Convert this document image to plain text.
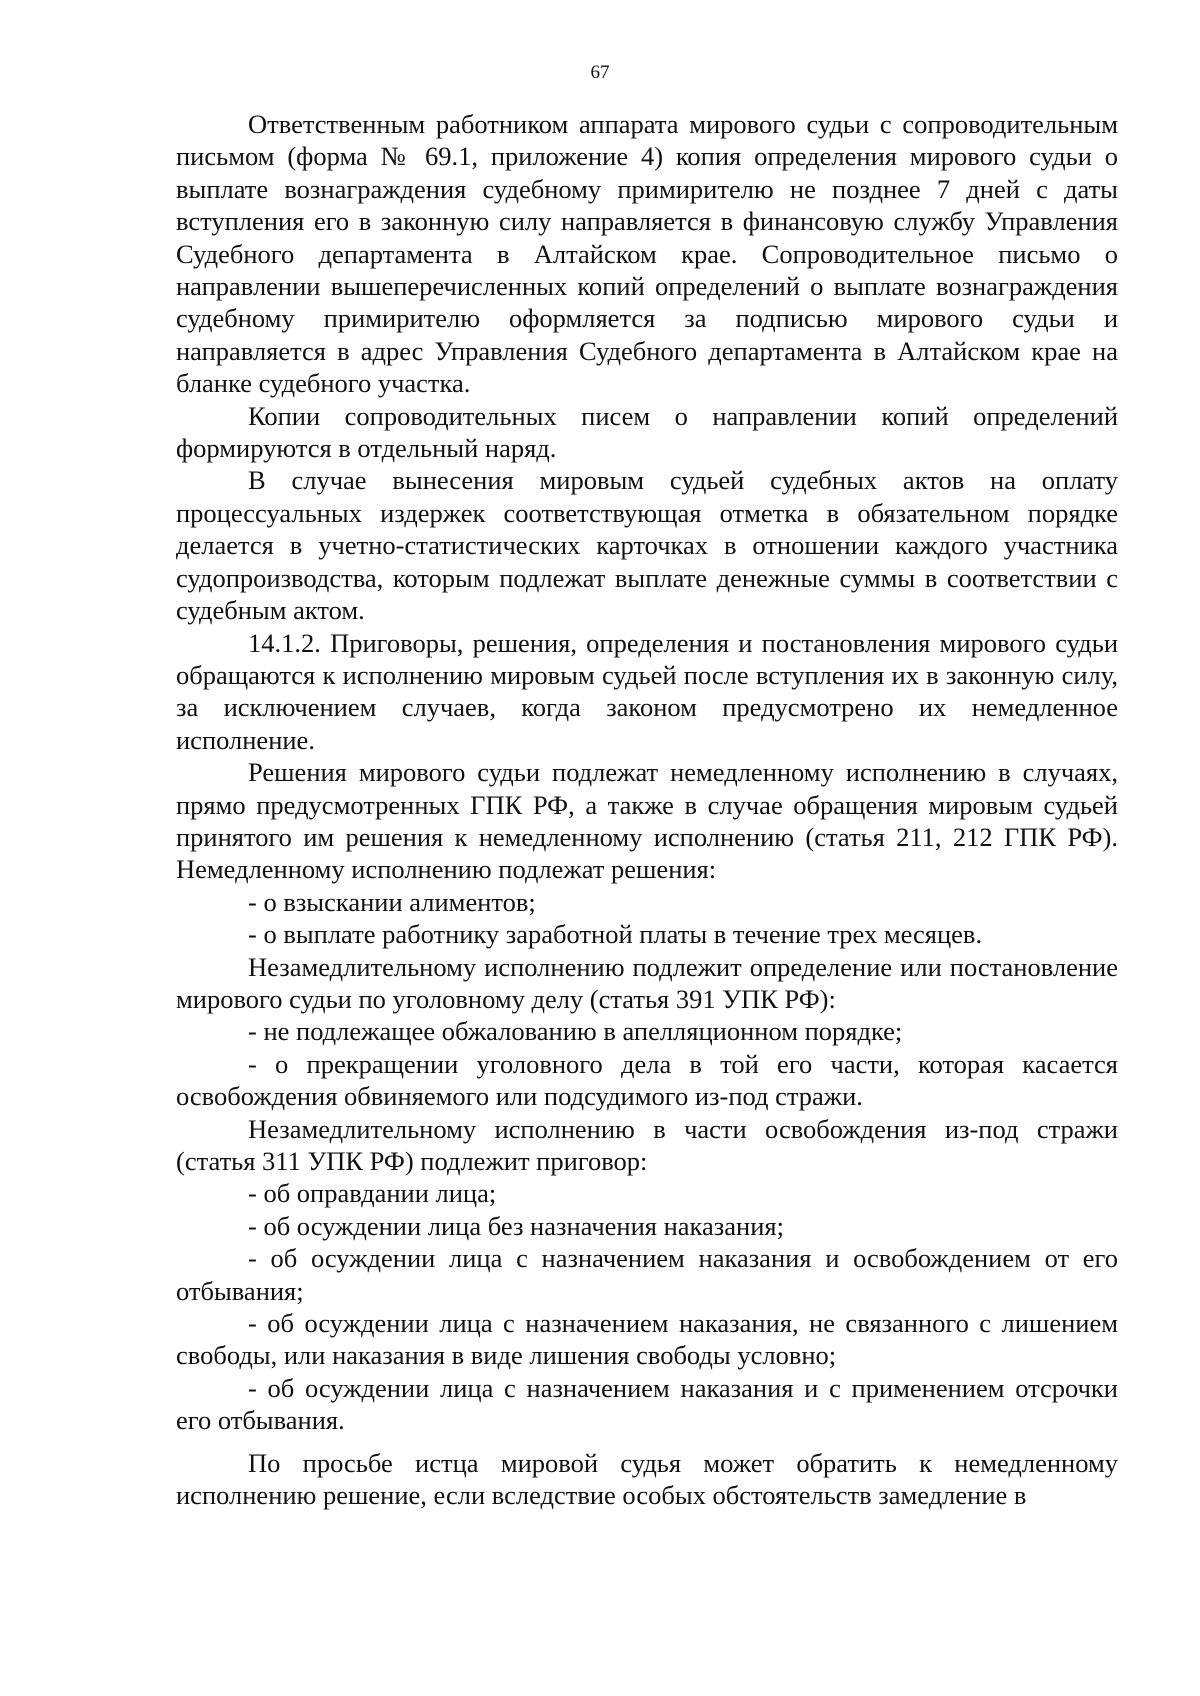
67

Ответственным работником аппарата мирового судьи с сопроводительным письмом (форма № 69.1, приложение 4) копия определения мирового судьи о выплате вознаграждения судебному примирителю не позднее 7 дней с даты вступления его в законную силу направляется в финансовую службу Управления Судебного департамента в Алтайском крае. Сопроводительное письмо о направлении вышеперечисленных копий определений о выплате вознаграждения судебному примирителю оформляется за подписью мирового судьи и направляется в адрес Управления Судебного департамента в Алтайском крае на бланке судебного участка.

Копии сопроводительных писем о направлении копий определений формируются в отдельный наряд.

В случае вынесения мировым судьей судебных актов на оплату процессуальных издержек соответствующая отметка в обязательном порядке делается в учетно-статистических карточках в отношении каждого участника судопроизводства, которым подлежат выплате денежные суммы в соответствии с судебным актом.

14.1.2. Приговоры, решения, определения и постановления мирового судьи обращаются к исполнению мировым судьей после вступления их в законную силу, за исключением случаев, когда законом предусмотрено их немедленное исполнение.

Решения мирового судьи подлежат немедленному исполнению в случаях, прямо предусмотренных ГПК РФ, а также в случае обращения мировым судьей принятого им решения к немедленному исполнению (статья 211, 212 ГПК РФ). Немедленному исполнению подлежат решения:

- о взыскании алиментов;

- о выплате работнику заработной платы в течение трех месяцев.

Незамедлительному исполнению подлежит определение или постановление мирового судьи по уголовному делу (статья 391 УПК РФ):

- не подлежащее обжалованию в апелляционном порядке;

- о прекращении уголовного дела в той его части, которая касается освобождения обвиняемого или подсудимого из-под стражи.

Незамедлительному исполнению в части освобождения из-под стражи (статья 311 УПК РФ) подлежит приговор:

- об оправдании лица;

- об осуждении лица без назначения наказания;

- об осуждении лица с назначением наказания и освобождением от его отбывания;

- об осуждении лица с назначением наказания, не связанного с лишением свободы, или наказания в виде лишения свободы условно;

- об осуждении лица с назначением наказания и с применением отсрочки его отбывания.

По просьбе истца мировой судья может обратить к немедленному исполнению решение, если вследствие особых обстоятельств замедление в
